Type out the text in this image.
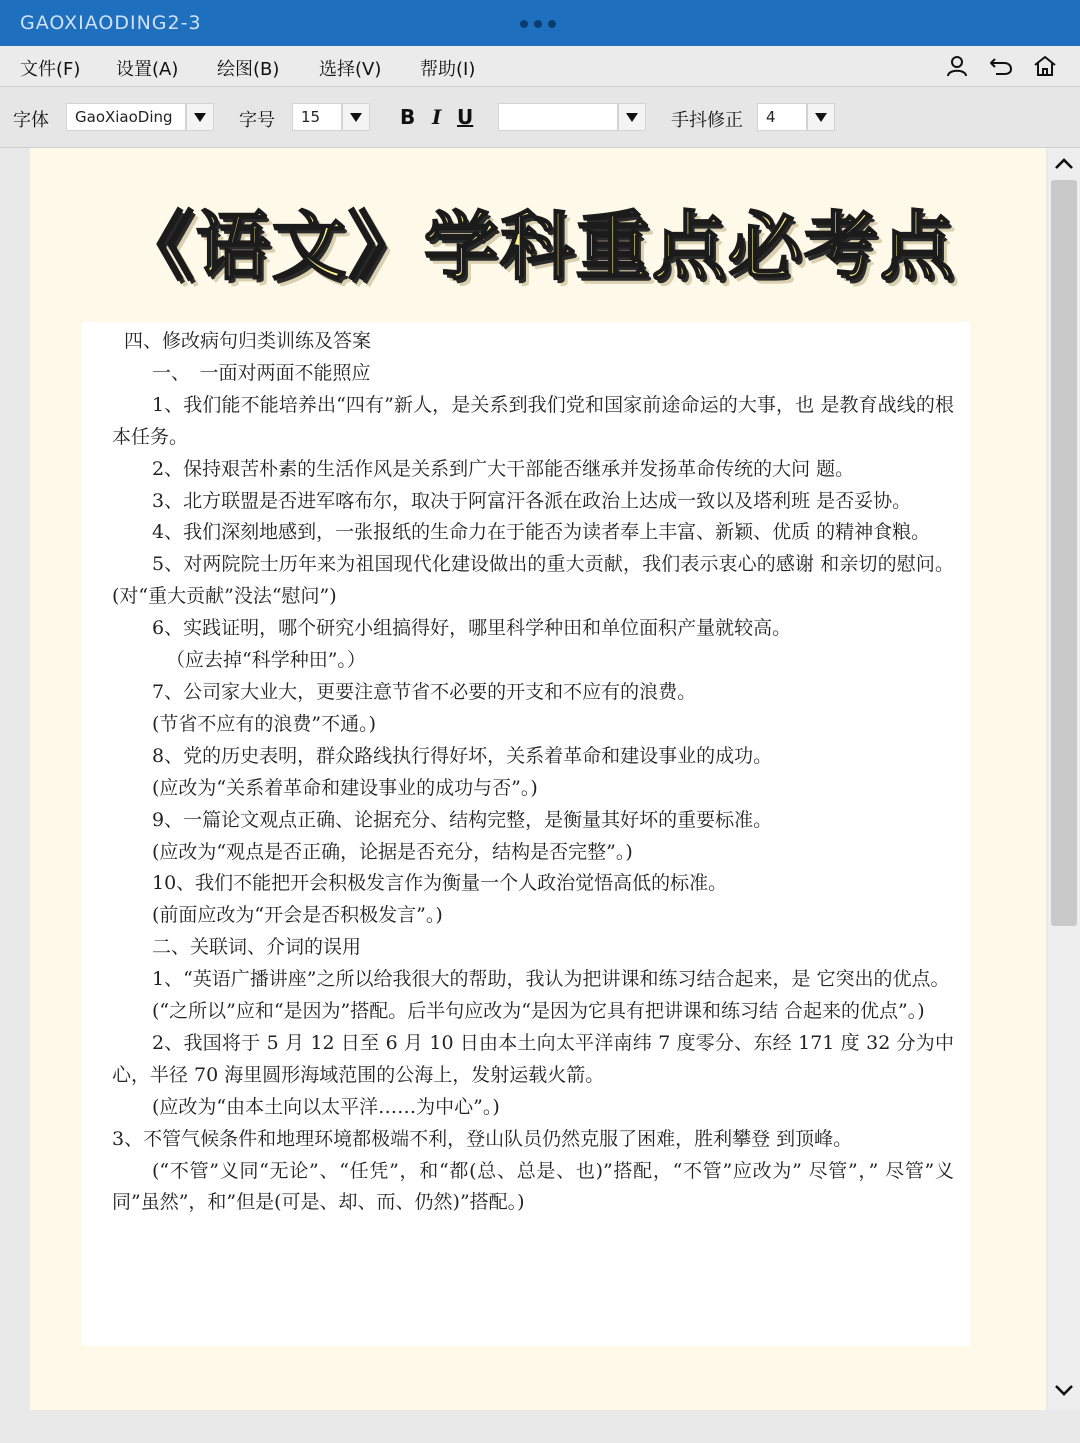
GAOXIAODING2-3
文件(F) 设置(A) 绘图(B) 选择(V) 帮助(I)
字体	GaoXiaoDing	字号	15	B I U	手抖修正	4
《语文》学科重点必考点

四、修改病句归类训练及答案

一、　一面对两面不能照应

1、我们能不能培养出“四有”新人，是关系到我们党和国家前途命运的大事，也 是教育战线的根本任务。

2、保持艰苦朴素的生活作风是关系到广大干部能否继承并发扬革命传统的大问 题。

3、北方联盟是否进军喀布尔，取决于阿富汗各派在政治上达成一致以及塔利班 是否妥协。

4、我们深刻地感到，一张报纸的生命力在于能否为读者奉上丰富、新颖、优质 的精神食粮。

5、对两院院士历年来为祖国现代化建设做出的重大贡献，我们表示衷心的感谢 和亲切的慰问。(对“重大贡献”没法“慰问”)

6、实践证明，哪个研究小组搞得好，哪里科学种田和单位面积产量就较高。

（应去掉“科学种田”。）

7、公司家大业大，更要注意节省不必要的开支和不应有的浪费。

(节省不应有的浪费”不通。)

8、党的历史表明，群众路线执行得好坏，关系着革命和建设事业的成功。

(应改为“关系着革命和建设事业的成功与否”。)

9、一篇论文观点正确、论据充分、结构完整，是衡量其好坏的重要标准。

(应改为“观点是否正确，论据是否充分，结构是否完整”。)

10、我们不能把开会积极发言作为衡量一个人政治觉悟高低的标准。

(前面应改为“开会是否积极发言”。)

二、关联词、介词的误用

1、“英语广播讲座”之所以给我很大的帮助，我认为把讲课和练习结合起来，是 它突出的优点。

(“之所以”应和“是因为”搭配。后半句应改为“是因为它具有把讲课和练习结 合起来的优点”。)

2、我国将于 5 月 12 日至 6 月 10 日由本土向太平洋南纬 7 度零分、东经 171 度 32 分为中心，半径 70 海里圆形海域范围的公海上，发射运载火箭。

(应改为“由本土向以太平洋……为中心”。)

3、不管气候条件和地理环境都极端不利，登山队员仍然克服了困难，胜利攀登 到顶峰。

(“不管”义同“无论”、“任凭”，和“都(总、总是、也)”搭配，“不管”应改为” 尽管”，” 尽管”义同”虽然”，和”但是(可是、却、而、仍然)”搭配。)
